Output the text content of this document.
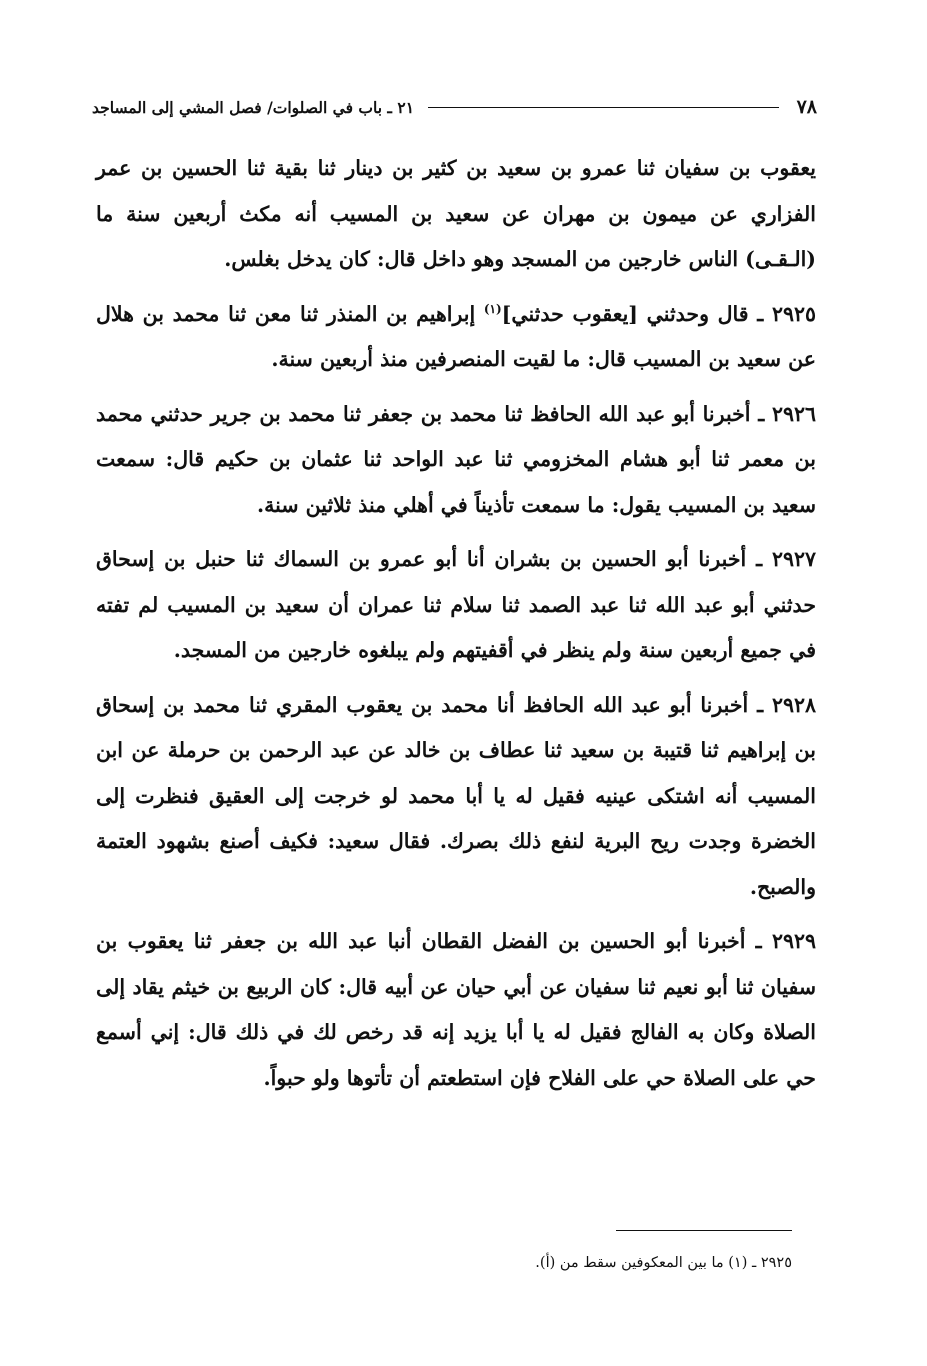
٧٨
٢١ ـ باب في الصلوات/ فصل المشي إلى المساجد

يعقوب بن سفيان ثنا عمرو بن سعيد بن كثير بن دينار ثنا بقية ثنا الحسين بن عمر الفزاري عن ميمون بن مهران عن سعيد بن المسيب أنه مكث أربعين سنة ما (الـقـى) الناس خارجين من المسجد وهو داخل قال: كان يدخل بغلس.

٢٩٢٥ ـ قال وحدثني [يعقوب حدثني]$^{(١)}$ إبراهيم بن المنذر ثنا معن ثنا محمد بن هلال عن سعيد بن المسيب قال: ما لقيت المنصرفين منذ أربعين سنة.

٢٩٢٦ ـ أخبرنا أبو عبد الله الحافظ ثنا محمد بن جعفر ثنا محمد بن جرير حدثني محمد بن معمر ثنا أبو هشام المخزومي ثنا عبد الواحد ثنا عثمان بن حكيم قال: سمعت سعيد بن المسيب يقول: ما سمعت تأذيناً في أهلي منذ ثلاثين سنة.

٢٩٢٧ ـ أخبرنا أبو الحسين بن بشران أنا أبو عمرو بن السماك ثنا حنبل بن إسحاق حدثني أبو عبد الله ثنا عبد الصمد ثنا سلام ثنا عمران أن سعيد بن المسيب لم تفته في جميع أربعين سنة ولم ينظر في أقفيتهم ولم يبلغوه خارجين من المسجد.

٢٩٢٨ ـ أخبرنا أبو عبد الله الحافظ أنا محمد بن يعقوب المقري ثنا محمد بن إسحاق بن إبراهيم ثنا قتيبة بن سعيد ثنا عطاف بن خالد عن عبد الرحمن بن حرملة عن ابن المسيب أنه اشتكى عينيه فقيل له يا أبا محمد لو خرجت إلى العقيق فنظرت إلى الخضرة وجدت ريح البرية لنفع ذلك بصرك. فقال سعيد: فكيف أصنع بشهود العتمة والصبح.

٢٩٢٩ ـ أخبرنا أبو الحسين بن الفضل القطان أنبا عبد الله بن جعفر ثنا يعقوب بن سفيان ثنا أبو نعيم ثنا سفيان عن أبي حيان عن أبيه قال: كان الربيع بن خيثم يقاد إلى الصلاة وكان به الفالج فقيل له يا أبا يزيد إنه قد رخص لك في ذلك قال: إني أسمع حي على الصلاة حي على الفلاح فإن استطعتم أن تأتوها ولو حبواً.

٢٩٢٥ ـ (١) ما بين المعكوفين سقط من (أ).
